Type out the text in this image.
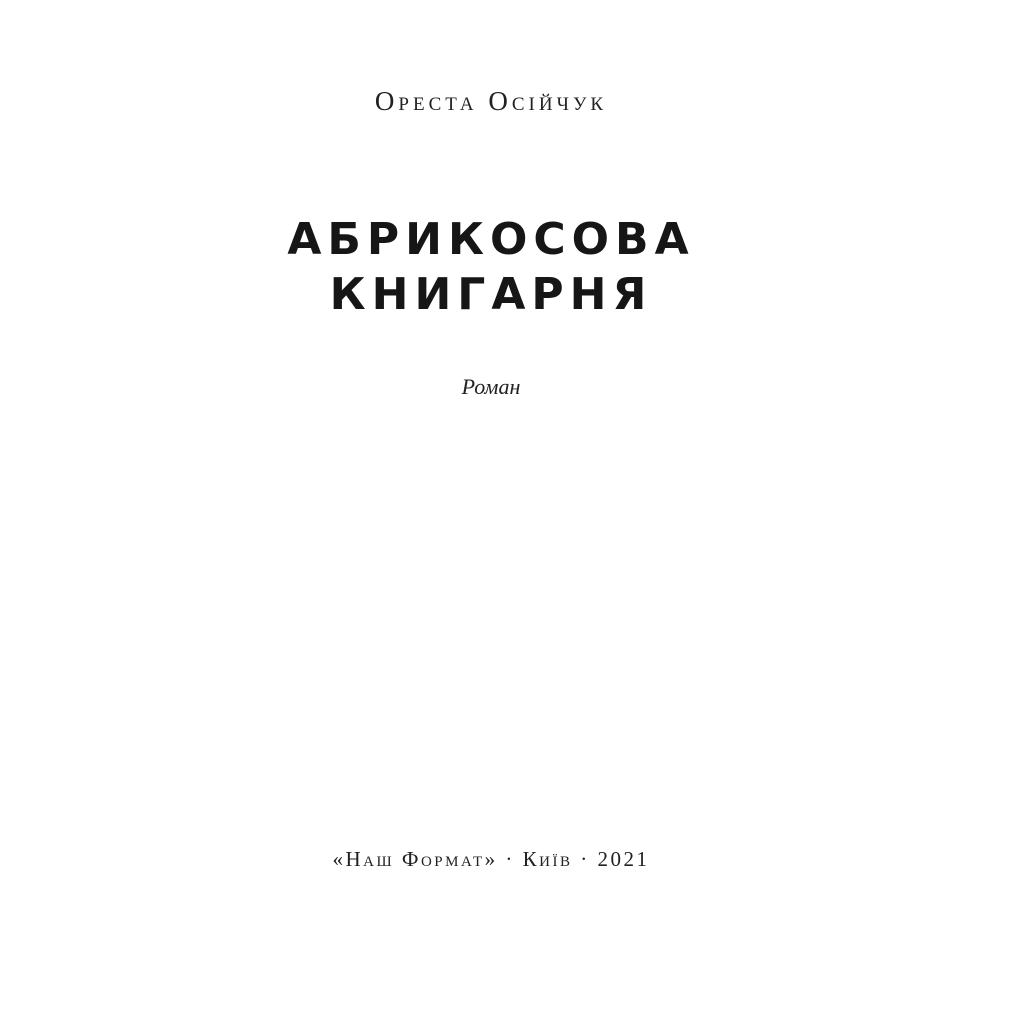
Ореста Осійчук
АБРИКОСОВА
КНИГАРНЯ
Роман
«Наш Формат» · Київ · 2021
